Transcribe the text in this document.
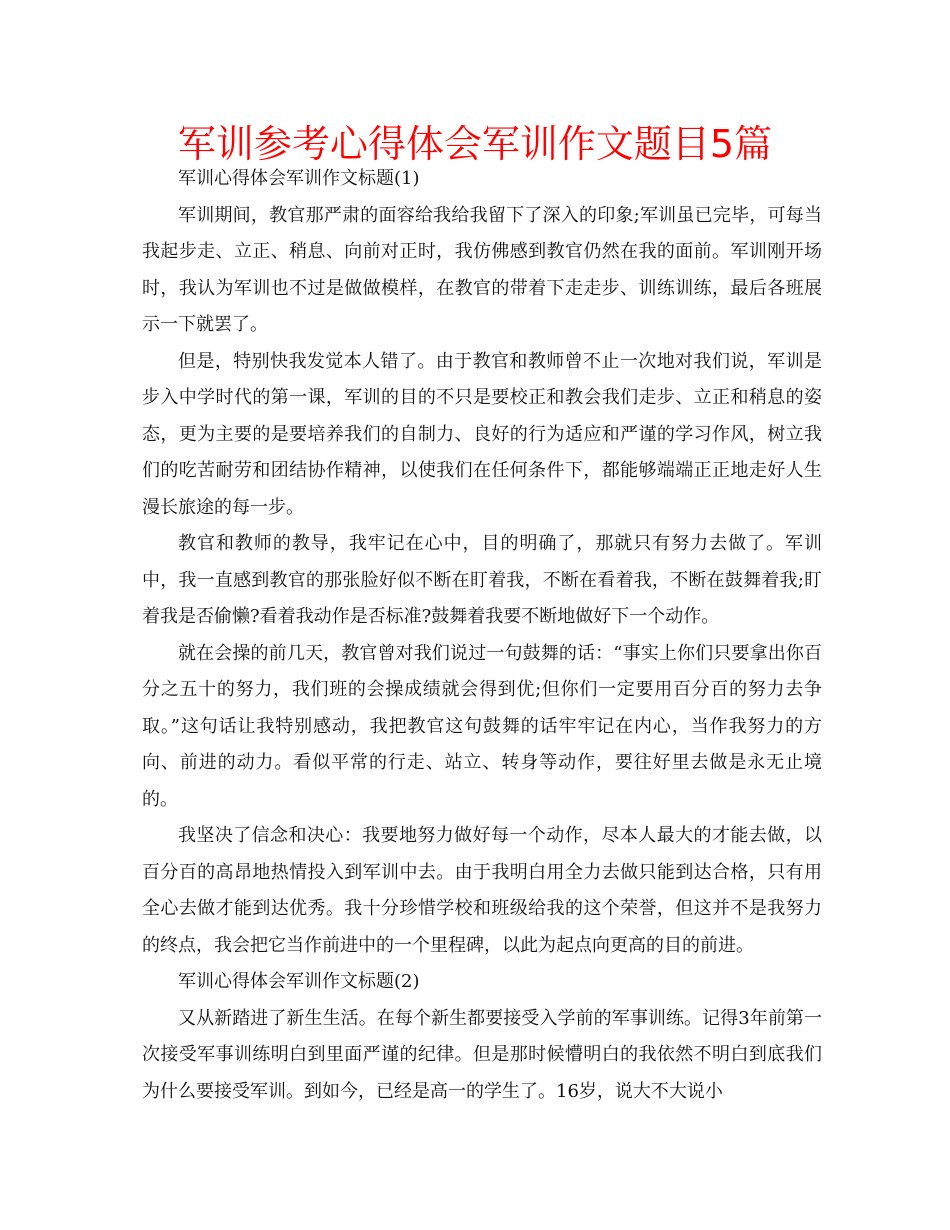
军训参考心得体会军训作文题目5篇

军训心得体会军训作文标题(1)

军训期间，教官那严肃的面容给我给我留下了深入的印象;军训虽已完毕，可每当我起步走、立正、稍息、向前对正时，我仿佛感到教官仍然在我的面前。军训刚开场时，我认为军训也不过是做做模样，在教官的带着下走走步、训练训练，最后各班展示一下就罢了。

但是，特别快我发觉本人错了。由于教官和教师曾不止一次地对我们说，军训是步入中学时代的第一课，军训的目的不只是要校正和教会我们走步、立正和稍息的姿态，更为主要的是要培养我们的自制力、良好的行为适应和严谨的学习作风，树立我们的吃苦耐劳和团结协作精神，以使我们在任何条件下，都能够端端正正地走好人生漫长旅途的每一步。

教官和教师的教导，我牢记在心中，目的明确了，那就只有努力去做了。军训中，我一直感到教官的那张脸好似不断在盯着我，不断在看着我，不断在鼓舞着我;盯着我是否偷懒?看着我动作是否标准?鼓舞着我要不断地做好下一个动作。

就在会操的前几天，教官曾对我们说过一句鼓舞的话：“事实上你们只要拿出你百分之五十的努力，我们班的会操成绩就会得到优;但你们一定要用百分百的努力去争取。”这句话让我特别感动，我把教官这句鼓舞的话牢牢记在内心，当作我努力的方向、前进的动力。看似平常的行走、站立、转身等动作，要往好里去做是永无止境的。

我坚决了信念和决心：我要地努力做好每一个动作，尽本人最大的才能去做，以百分百的高昂地热情投入到军训中去。由于我明白用全力去做只能到达合格，只有用全心去做才能到达优秀。我十分珍惜学校和班级给我的这个荣誉，但这并不是我努力的终点，我会把它当作前进中的一个里程碑，以此为起点向更高的目的前进。

军训心得体会军训作文标题(2)

又从新踏进了新生生活。在每个新生都要接受入学前的军事训练。记得3年前第一次接受军事训练明白到里面严谨的纪律。但是那时候懵明白的我依然不明白到底我们为什么要接受军训。到如今，已经是高一的学生了。16岁，说大不大说小
